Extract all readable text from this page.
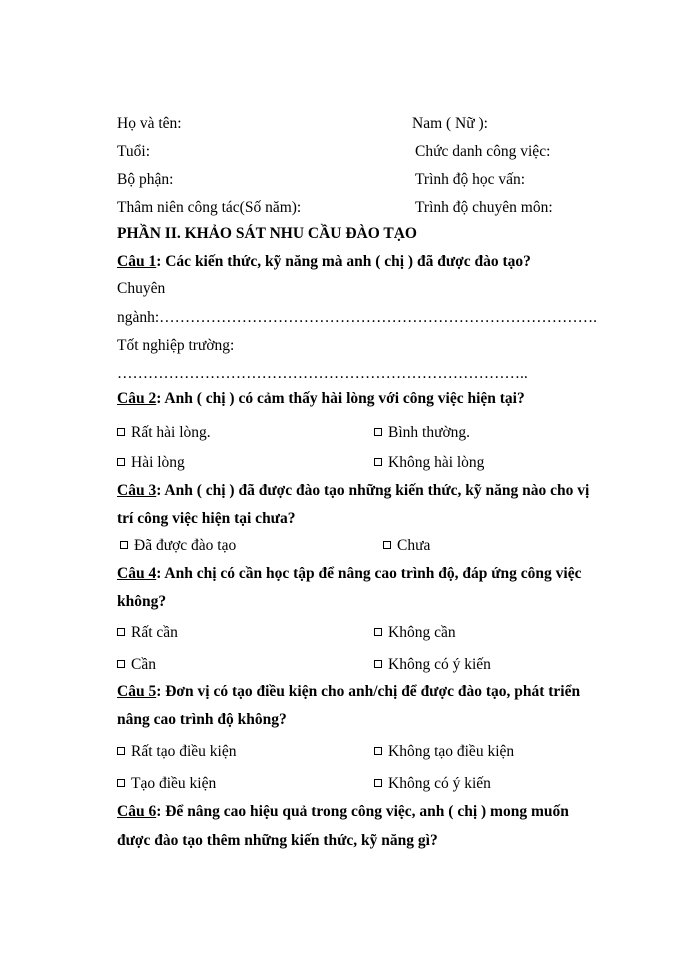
Họ và tên:	Nam ( Nữ ):
Tuổi:	Chức danh công việc:
Bộ phận:	Trình độ học vấn:
Thâm niên công tác(Số năm):	Trình độ chuyên môn:
PHẦN II. KHẢO SÁT NHU CẦU ĐÀO TẠO
Câu 1: Các kiến thức, kỹ năng mà anh ( chị ) đã được đào tạo?
Chuyên
ngành:………………………………………………………………………….
Tốt nghiệp trường:
……………………………………………………………………..
Câu 2: Anh ( chị ) có cảm thấy hài lòng với công việc hiện tại?
Rất hài lòng.	Bình thường.
Hài lòng	Không hài lòng
Câu 3: Anh ( chị ) đã được đào tạo những kiến thức, kỹ năng nào cho vị
trí công việc hiện tại chưa?
Đã được đào tạo	Chưa
Câu 4: Anh chị có cần học tập để nâng cao trình độ, đáp ứng công việc
không?
Rất cần	Không cần
Cần	Không có ý kiến
Câu 5: Đơn vị có tạo điều kiện cho anh/chị để được đào tạo, phát triển
nâng cao trình độ không?
Rất tạo điều kiện	Không tạo điều kiện
Tạo điều kiện	Không có ý kiến
Câu 6: Để nâng cao hiệu quả trong công việc, anh ( chị ) mong muốn
được đào tạo thêm những kiến thức, kỹ năng gì?
